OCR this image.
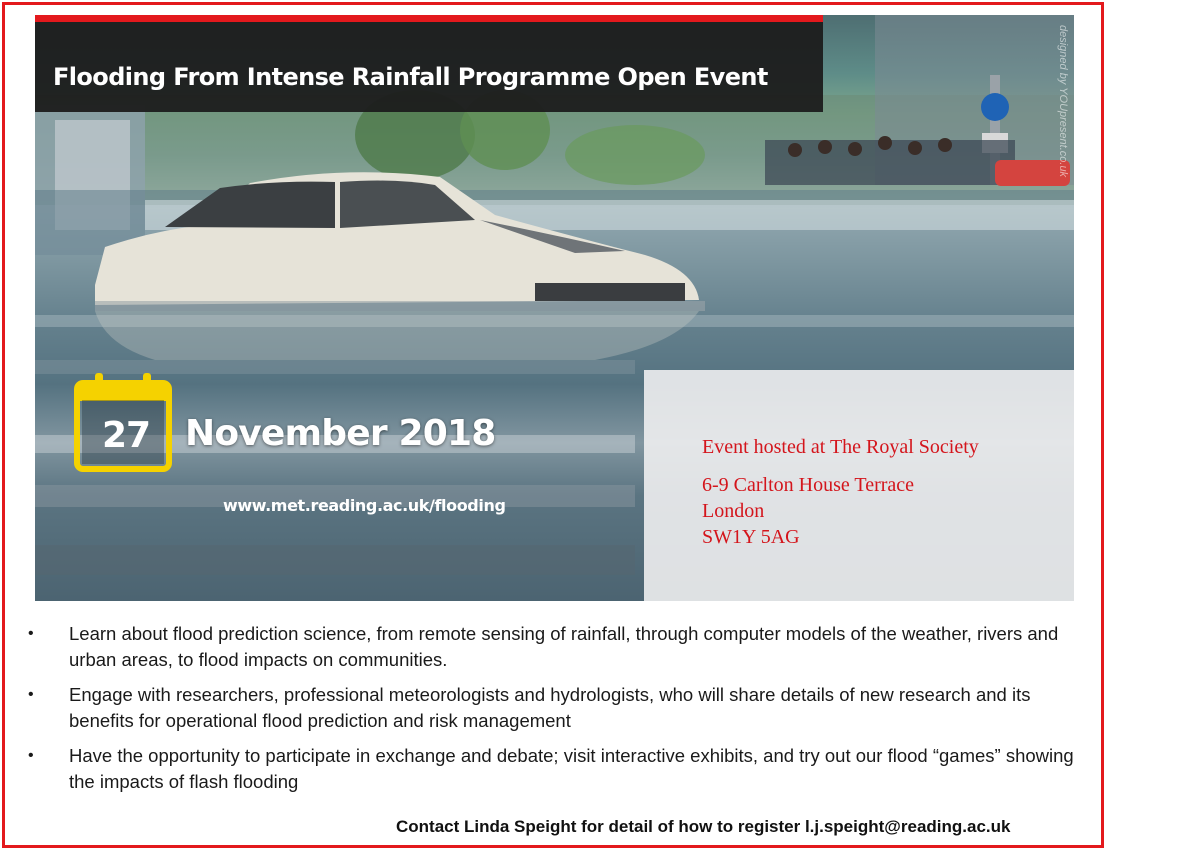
Flooding From Intense Rainfall Programme Open Event	designed by YOUpresent.co.uk
27 November 2018
www.met.reading.ac.uk/flooding
Event hosted at The Royal Society
6-9 Carlton House Terrace
London
SW1Y 5AG
• Learn about flood prediction science, from remote sensing of rainfall, through computer models of the weather, rivers and urban areas, to flood impacts on communities.
• Engage with researchers, professional meteorologists and hydrologists, who will share details of new research and its benefits for operational flood prediction and risk management
• Have the opportunity to participate in exchange and debate; visit interactive exhibits, and try out our flood “games” showing the impacts of flash flooding
Contact Linda Speight for detail of how to register l.j.speight@reading.ac.uk
